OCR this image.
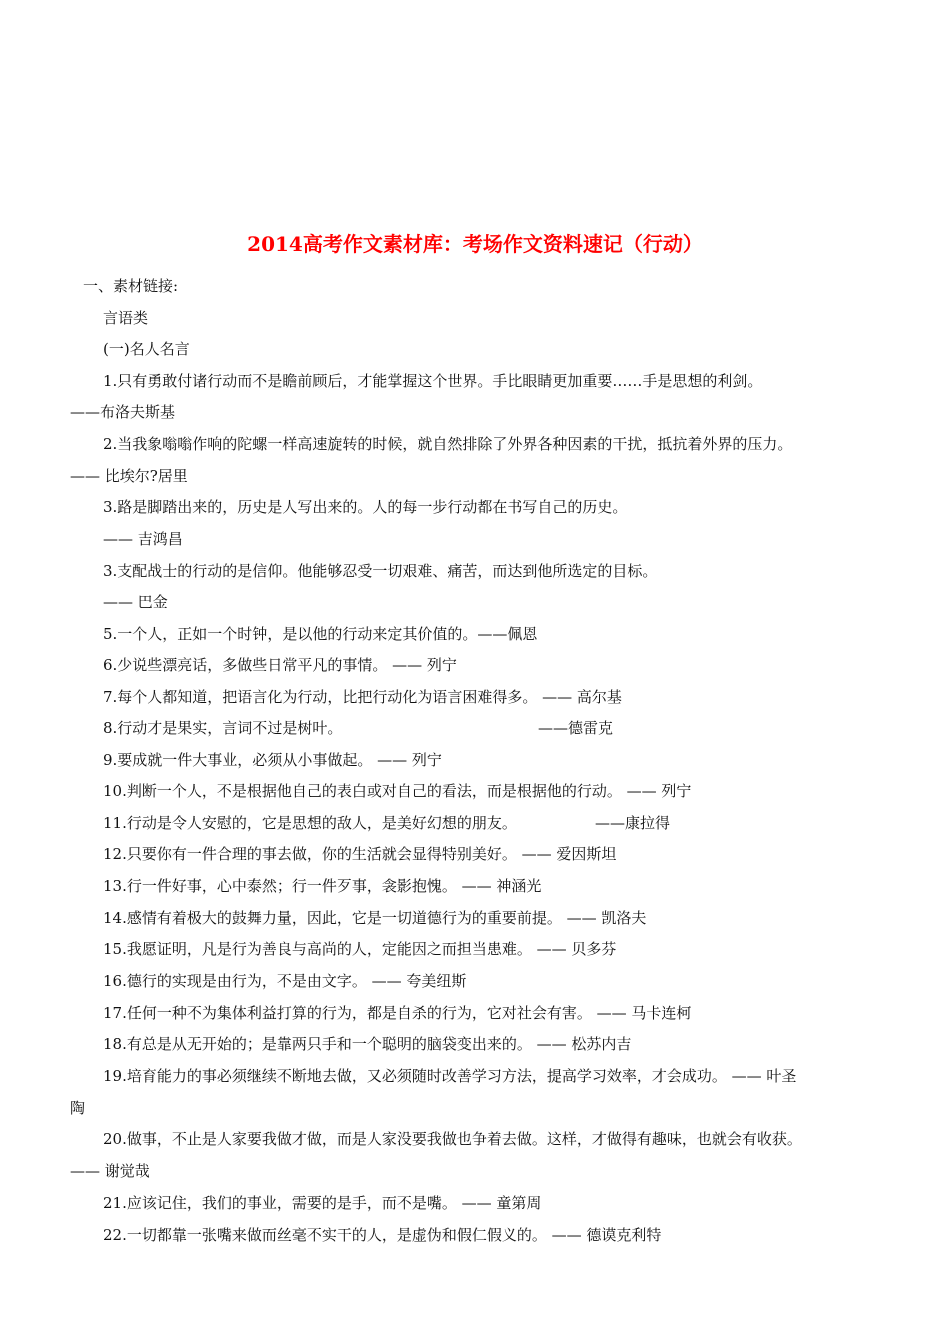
2014高考作文素材库：考场作文资料速记（行动）
一、素材链接:
言语类
(一)名人名言
1.只有勇敢付诸行动而不是瞻前顾后，才能掌握这个世界。手比眼睛更加重要……手是思想的利剑。
——布洛夫斯基
2.当我象嗡嗡作响的陀螺一样高速旋转的时候，就自然排除了外界各种因素的干扰，抵抗着外界的压力。
—— 比埃尔?居里
3.路是脚踏出来的，历史是人写出来的。人的每一步行动都在书写自己的历史。
—— 吉鸿昌
3.支配战士的行动的是信仰。他能够忍受一切艰难、痛苦，而达到他所选定的目标。
—— 巴金
5.一个人，正如一个时钟，是以他的行动来定其价值的。——佩恩
6.少说些漂亮话，多做些日常平凡的事情。 —— 列宁
7.每个人都知道，把语言化为行动，比把行动化为语言困难得多。 —— 高尔基
8.行动才是果实，言词不过是树叶。	——德雷克
9.要成就一件大事业，必须从小事做起。 —— 列宁
10.判断一个人，不是根据他自己的表白或对自己的看法，而是根据他的行动。 —— 列宁
11.行动是令人安慰的，它是思想的敌人，是美好幻想的朋友。	——康拉得
12.只要你有一件合理的事去做，你的生活就会显得特别美好。 —— 爱因斯坦
13.行一件好事，心中泰然；行一件歹事，衾影抱愧。 —— 神涵光
14.感情有着极大的鼓舞力量，因此，它是一切道德行为的重要前提。 —— 凯洛夫
15.我愿证明，凡是行为善良与高尚的人，定能因之而担当患难。 —— 贝多芬
16.德行的实现是由行为，不是由文字。 —— 夸美纽斯
17.任何一种不为集体利益打算的行为，都是自杀的行为，它对社会有害。 —— 马卡连柯
18.有总是从无开始的；是靠两只手和一个聪明的脑袋变出来的。 —— 松苏内吉
19.培育能力的事必须继续不断地去做，又必须随时改善学习方法，提高学习效率，才会成功。 —— 叶圣
陶
20.做事，不止是人家要我做才做，而是人家没要我做也争着去做。这样，才做得有趣味，也就会有收获。
—— 谢觉哉
21.应该记住，我们的事业，需要的是手，而不是嘴。 —— 童第周
22.一切都靠一张嘴来做而丝毫不实干的人，是虚伪和假仁假义的。 —— 德谟克利特
